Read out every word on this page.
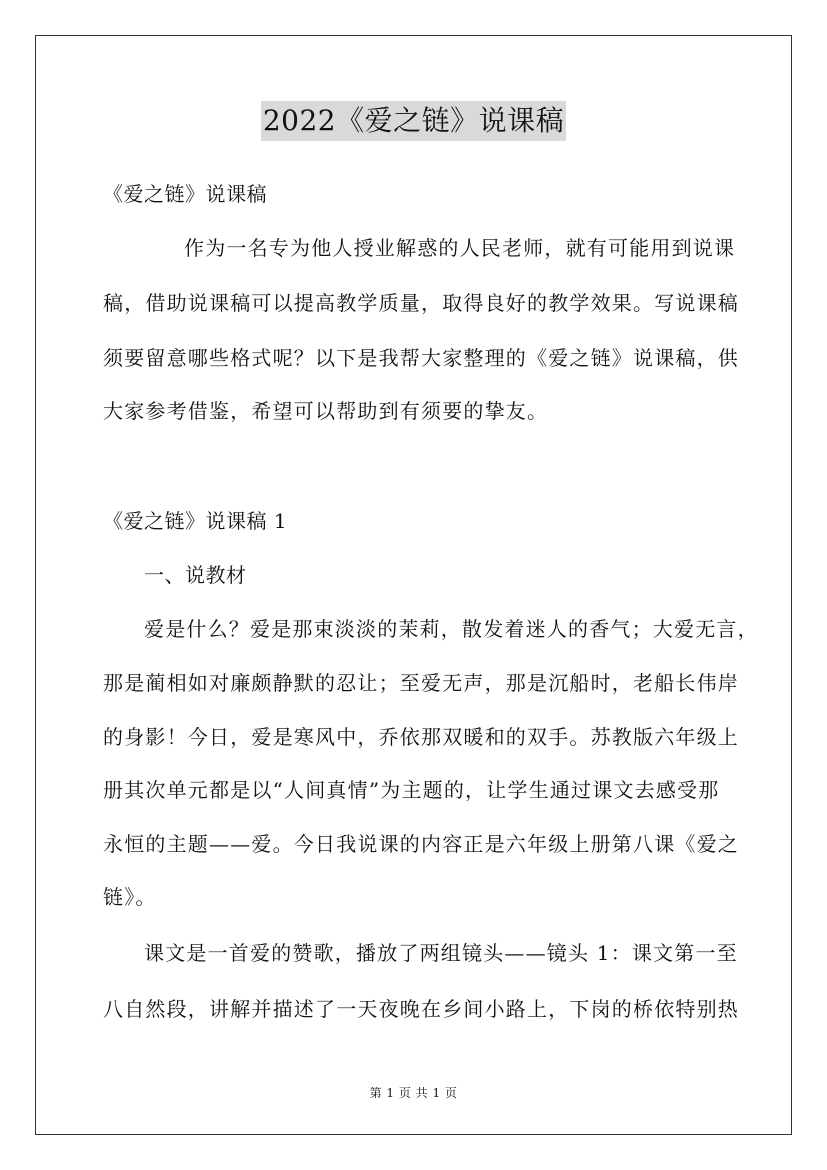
2022《爱之链》说课稿
《爱之链》说课稿
作为一名专为他人授业解惑的人民老师，就有可能用到说课
稿，借助说课稿可以提高教学质量，取得良好的教学效果。写说课稿
须要留意哪些格式呢？以下是我帮大家整理的《爱之链》说课稿，供
大家参考借鉴，希望可以帮助到有须要的挚友。
《爱之链》说课稿 1
一、说教材
爱是什么？爱是那束淡淡的茉莉，散发着迷人的香气；大爱无言，
那是蔺相如对廉颇静默的忍让；至爱无声，那是沉船时，老船长伟岸
的身影！今日，爱是寒风中，乔依那双暖和的双手。苏教版六年级上
册其次单元都是以“人间真情”为主题的，让学生通过课文去感受那
永恒的主题——爱。今日我说课的内容正是六年级上册第八课《爱之
链》。
课文是一首爱的赞歌，播放了两组镜头——镜头 1：课文第一至
八自然段，讲解并描述了一天夜晚在乡间小路上，下岗的桥依特别热
第 1 页 共 1 页
